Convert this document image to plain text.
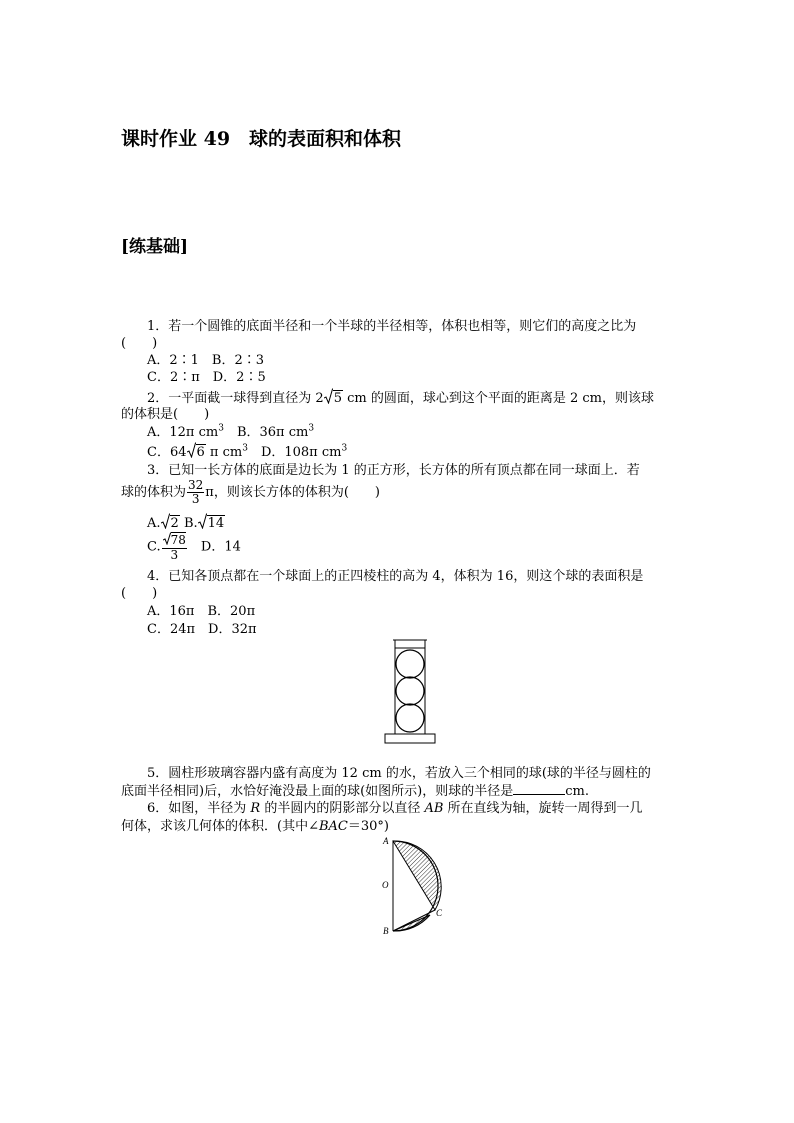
课时作业 49　球的表面积和体积
[练基础]
1．若一个圆锥的底面半径和一个半球的半径相等，体积也相等，则它们的高度之比为
(　　)
A．2∶1　B．2∶3
C．2∶π　D．2∶5
2．一平面截一球得到直径为 2 5 cm 的圆面，球心到这个平面的距离是 2 cm，则该球
的体积是(　　)
A．12π $cm^3$　B．36π $cm^3$
C．64 6 π $cm^3$　D．108π $cm^3$
3．已知一长方体的底面是边长为 1 的正方形，长方体的所有顶点都在同一球面上．若
球的体积为 $\frac{32}{3}$ π，则该长方体的体积为(　　)
A. 2 B. 14
C. $\frac{78}{3}$
　 D．14
4．已知各顶点都在一个球面上的正四棱柱的高为 4，体积为 16，则这个球的表面积是
(　　)
A．16π　B．20π
C．24π　D．32π
5．圆柱形玻璃容器内盛有高度为 12 cm 的水，若放入三个相同的球(球的半径与圆柱的
底面半径相同)后，水恰好淹没最上面的球(如图所示)，则球的半径是	cm.
6．如图，半径为 R 的半圆内的阴影部分以直径 AB 所在直线为轴，旋转一周得到一几
何体，求该几何体的体积．(其中∠BAC＝30°)
A
O
B
C
